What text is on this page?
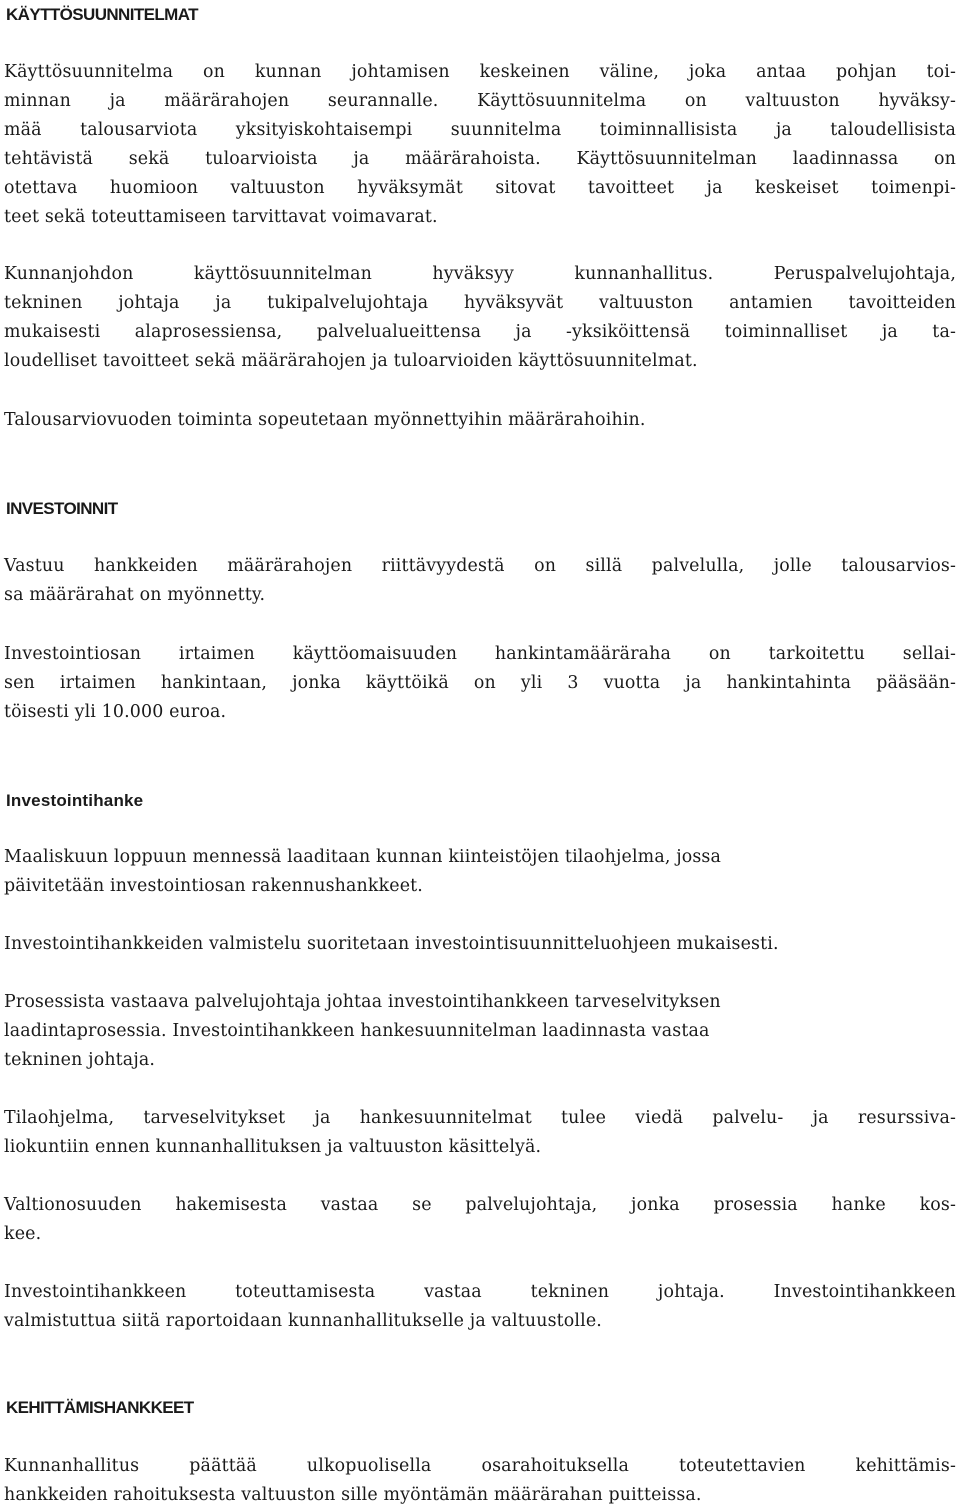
KÄYTTÖSUUNNITELMAT

Käyttösuunnitelma on kunnan johtamisen keskeinen väline, joka antaa pohjan toi-
minnan ja määrärahojen seurannalle. Käyttösuunnitelma on valtuuston hyväksy-
mää talousarviota yksityiskohtaisempi suunnitelma toiminnallisista ja taloudellisista
tehtävistä sekä tuloarvioista ja määrärahoista. Käyttösuunnitelman laadinnassa on
otettava huomioon valtuuston hyväksymät sitovat tavoitteet ja keskeiset toimenpi-
teet sekä toteuttamiseen tarvittavat voimavarat.

Kunnanjohdon käyttösuunnitelman hyväksyy kunnanhallitus. Peruspalvelujohtaja,
tekninen johtaja ja tukipalvelujohtaja hyväksyvät valtuuston antamien tavoitteiden
mukaisesti alaprosessiensa, palvelualueittensa ja -yksiköittensä toiminnalliset ja ta-
loudelliset tavoitteet sekä määrärahojen ja tuloarvioiden käyttösuunnitelmat.

Talousarviovuoden toiminta sopeutetaan myönnettyihin määrärahoihin.

INVESTOINNIT

Vastuu hankkeiden määrärahojen riittävyydestä on sillä palvelulla, jolle talousarvios-
sa määrärahat on myönnetty.

Investointiosan irtaimen käyttöomaisuuden hankintamääräraha on tarkoitettu sellai-
sen irtaimen hankintaan, jonka käyttöikä on yli 3 vuotta ja hankintahinta pääsään-
töisesti yli 10.000 euroa.

Investointihanke

Maaliskuun loppuun mennessä laaditaan kunnan kiinteistöjen tilaohjelma, jossa
päivitetään investointiosan rakennushankkeet.

Investointihankkeiden valmistelu suoritetaan investointisuunnitteluohjeen mukaisesti.

Prosessista vastaava palvelujohtaja johtaa investointihankkeen tarveselvityksen
laadintaprosessia. Investointihankkeen hankesuunnitelman laadinnasta vastaa
tekninen johtaja.

Tilaohjelma, tarveselvitykset ja hankesuunnitelmat tulee viedä palvelu- ja resurssiva-
liokuntiin ennen kunnanhallituksen ja valtuuston käsittelyä.

Valtionosuuden hakemisesta vastaa se palvelujohtaja, jonka prosessia hanke kos-
kee.

Investointihankkeen toteuttamisesta vastaa tekninen johtaja. Investointihankkeen
valmistuttua siitä raportoidaan kunnanhallitukselle ja valtuustolle.

KEHITTÄMISHANKKEET

Kunnanhallitus päättää ulkopuolisella osarahoituksella toteutettavien kehittämis-
hankkeiden rahoituksesta valtuuston sille myöntämän määrärahan puitteissa.
